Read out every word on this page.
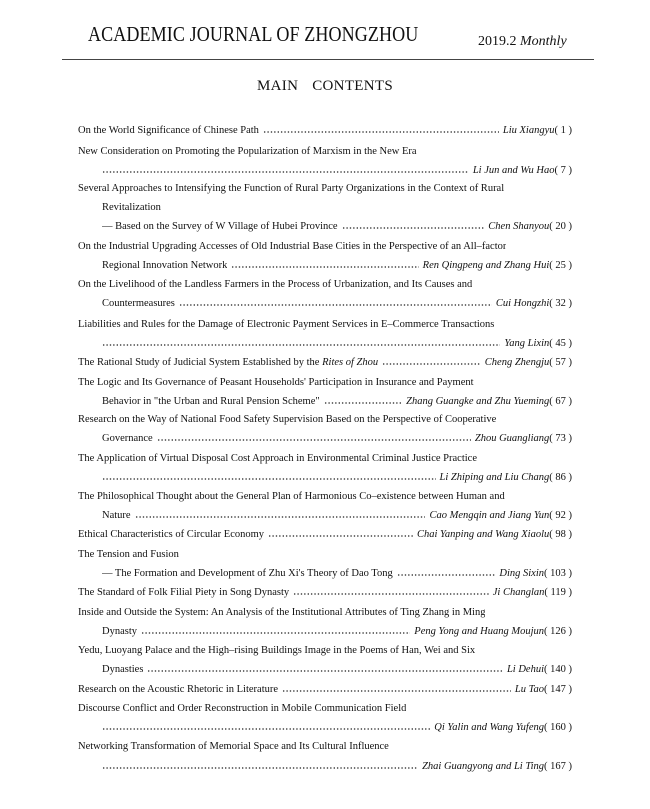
ACADEMIC JOURNAL OF ZHONGZHOU	2019.2 Monthly
MAIN CONTENTS
On the World Significance of Chinese Path	Liu Xiangyu ( 1 )
New Consideration on Promoting the Popularization of Marxism in the New Era
Li Jun and Wu Hao ( 7 )
Several Approaches to Intensifying the Function of Rural Party Organizations in the Context of Rural
Revitalization
— Based on the Survey of W Village of Hubei Province	Chen Shanyou ( 20 )
On the Industrial Upgrading Accesses of Old Industrial Base Cities in the Perspective of an All–factor
Regional Innovation Network	Ren Qingpeng and Zhang Hui ( 25 )
On the Livelihood of the Landless Farmers in the Process of Urbanization, and Its Causes and
Countermeasures	Cui Hongzhi ( 32 )
Liabilities and Rules for the Damage of Electronic Payment Services in E–Commerce Transactions
Yang Lixin ( 45 )
The Rational Study of Judicial System Established by the Rites of Zhou	Cheng Zhengju ( 57 )
The Logic and Its Governance of Peasant Households' Participation in Insurance and Payment
Behavior in "the Urban and Rural Pension Scheme"	Zhang Guangke and Zhu Yueming ( 67 )
Research on the Way of National Food Safety Supervision Based on the Perspective of Cooperative
Governance	Zhou Guangliang ( 73 )
The Application of Virtual Disposal Cost Approach in Environmental Criminal Justice Practice
Li Zhiping and Liu Chang ( 86 )
The Philosophical Thought about the General Plan of Harmonious Co–existence between Human and
Nature	Cao Mengqin and Jiang Yun ( 92 )
Ethical Characteristics of Circular Economy	Chai Yanping and Wang Xiaolu ( 98 )
The Tension and Fusion
— The Formation and Development of Zhu Xi's Theory of Dao Tong	Ding Sixin ( 103 )
The Standard of Folk Filial Piety in Song Dynasty	Ji Changlan ( 119 )
Inside and Outside the System: An Analysis of the Institutional Attributes of Ting Zhang in Ming
Dynasty	Peng Yong and Huang Moujun ( 126 )
Yedu, Luoyang Palace and the High–rising Buildings Image in the Poems of Han, Wei and Six
Dynasties	Li Dehui ( 140 )
Research on the Acoustic Rhetoric in Literature	Lu Tao ( 147 )
Discourse Conflict and Order Reconstruction in Mobile Communication Field
Qi Yalin and Wang Yufeng ( 160 )
Networking Transformation of Memorial Space and Its Cultural Influence
Zhai Guangyong and Li Ting ( 167 )
